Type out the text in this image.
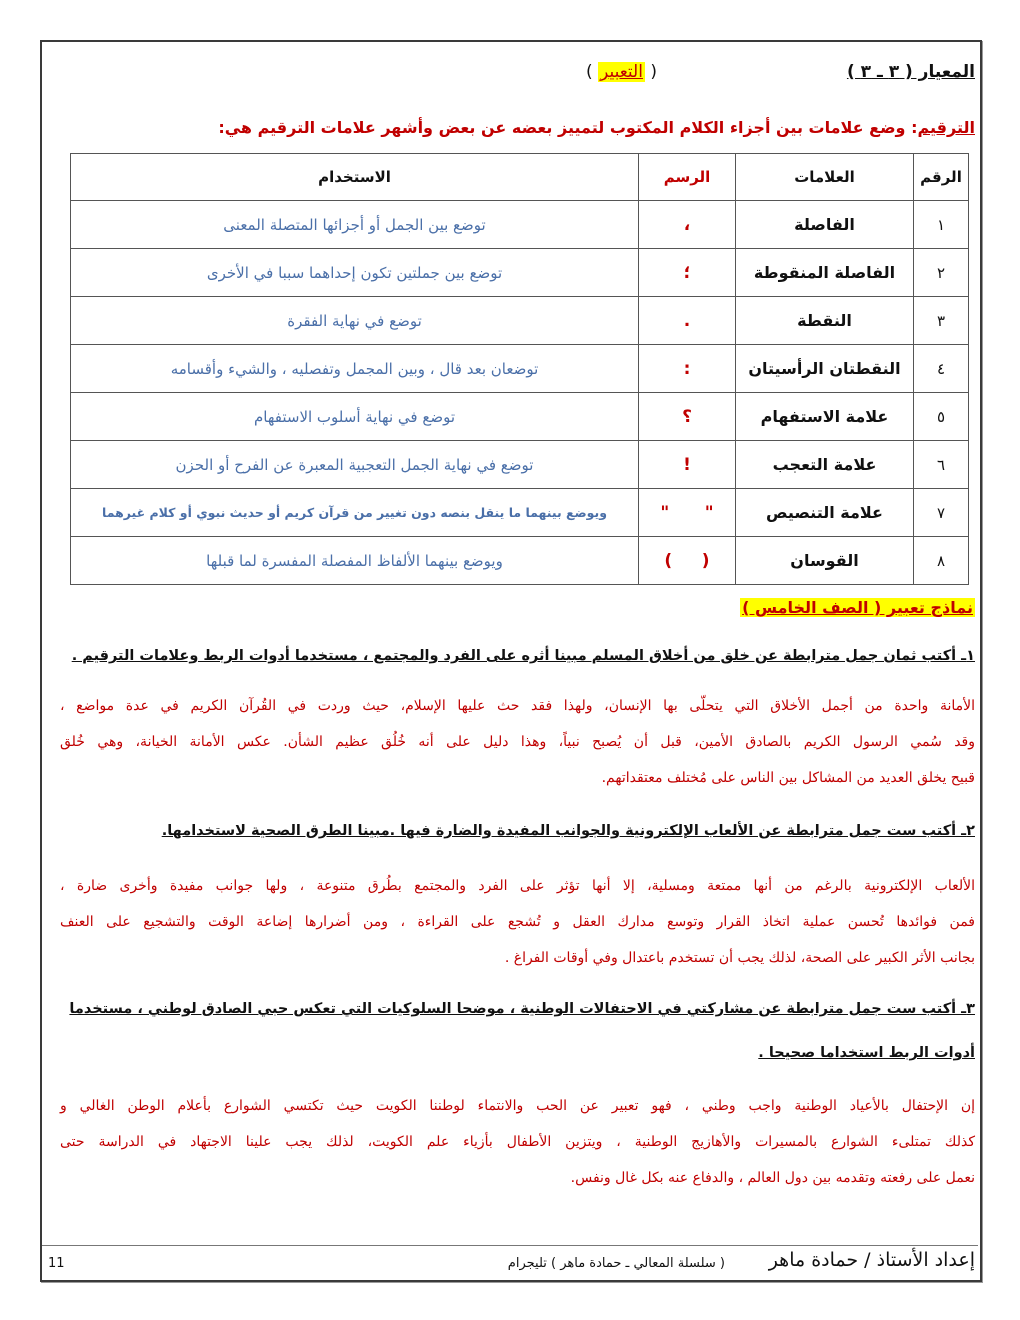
المعيار ( ٣ ـ ٣ )
( التعبير )
الترقيم: وضع علامات بين أجزاء الكلام المكتوب لتمييز بعضه عن بعض وأشهر علامات الترقيم هي:
الرقم	العلامات	الرسم	الاستخدام
١	الفاصلة	،	توضع بين الجمل أو أجزائها المتصلة المعنى
٢	الفاصلة المنقوطة	؛	توضع بين جملتين تكون إحداهما سببا في الأخرى
٣	النقطة	.	توضع في نهاية الفقرة
٤	النقطتان الرأسيتان	:	توضعان بعد قال ، وبين المجمل وتفصليه ، والشيء وأقسامه
٥	علامة الاستفهام	؟	توضع في نهاية أسلوب الاستفهام
٦	علامة التعجب	!	توضع في نهاية الجمل التعجبية المعبرة عن الفرح أو الحزن
٧	علامة التنصيص	"      "	ويوضع بينهما ما ينقل بنصه دون تغيير من قرآن كريم أو حديث نبوي أو كلام غيرهما
٨	القوسان	(     )	ويوضع بينهما الألفاظ المفصلة المفسرة لما قبلها
نماذج تعبير ( الصف الخامس )
١ـ أكتب ثمان جمل مترابطة عن خلق من أخلاق المسلم مبينا أثره على الفرد والمجتمع ، مستخدما أدوات الربط وعلامات الترقيم .
الأمانة واحدة من أجمل الأخلاق التي يتحلّى بها الإنسان، ولهذا فقد حث عليها الإسلام، حيث وردت في القُرآن الكريم في عدة مواضع ،
وقد سُمي الرسول الكريم بالصادق الأمين، قبل أن يُصبح نبياً، وهذا دليل على أنه خُلُق عظيم الشأن. عكس الأمانة الخيانة، وهي خُلق
قبيح يخلق العديد من المشاكل بين الناس على مُختلف معتقداتهم.
٢ـ أكتب ست جمل مترابطة عن الألعاب الإلكترونية والجوانب المفيدة والضارة فيها .مبينا الطرق الصحية لاستخدامها.
الألعاب الإلكترونية بالرغم من أنها ممتعة ومسلية، إلا أنها تؤثر على الفرد والمجتمع بطُرق متنوعة ، ولها جوانب مفيدة وأخرى ضارة ،
فمن فوائدها تُحسن عملية اتخاذ القرار وتوسع مدارك العقل و تُشجع على القراءة ، ومن أضرارها إضاعة الوقت والتشجيع على العنف
بجانب الأثر الكبير على الصحة، لذلك يجب أن تستخدم باعتدال وفي أوقات الفراغ .
٣ـ أكتب ست جمل مترابطة عن مشاركتي في الاحتفالات الوطنية ، موضحا السلوكيات التي تعكس حبي الصادق لوطني ، مستخدما
أدوات الربط استخداما صحيحا .
إن الإحتفال بالأعياد الوطنية واجب وطني ، فهو تعبير عن الحب والانتماء لوطننا الكويت حيث تكتسي الشوارع بأعلام الوطن الغالي و
كذلك تمتلىء الشوارع بالمسيرات والأهازيج الوطنية ، ويتزين الأطفال بأزياء علم الكويت، لذلك يجب علينا الاجتهاد في الدراسة حتى
نعمل على رفعته وتقدمه بين دول العالم ، والدفاع عنه بكل غال ونفس.
إعداد الأستاذ / حمادة ماهر
( سلسلة المعالي ـ حمادة ماهر ) تليجرام
11
